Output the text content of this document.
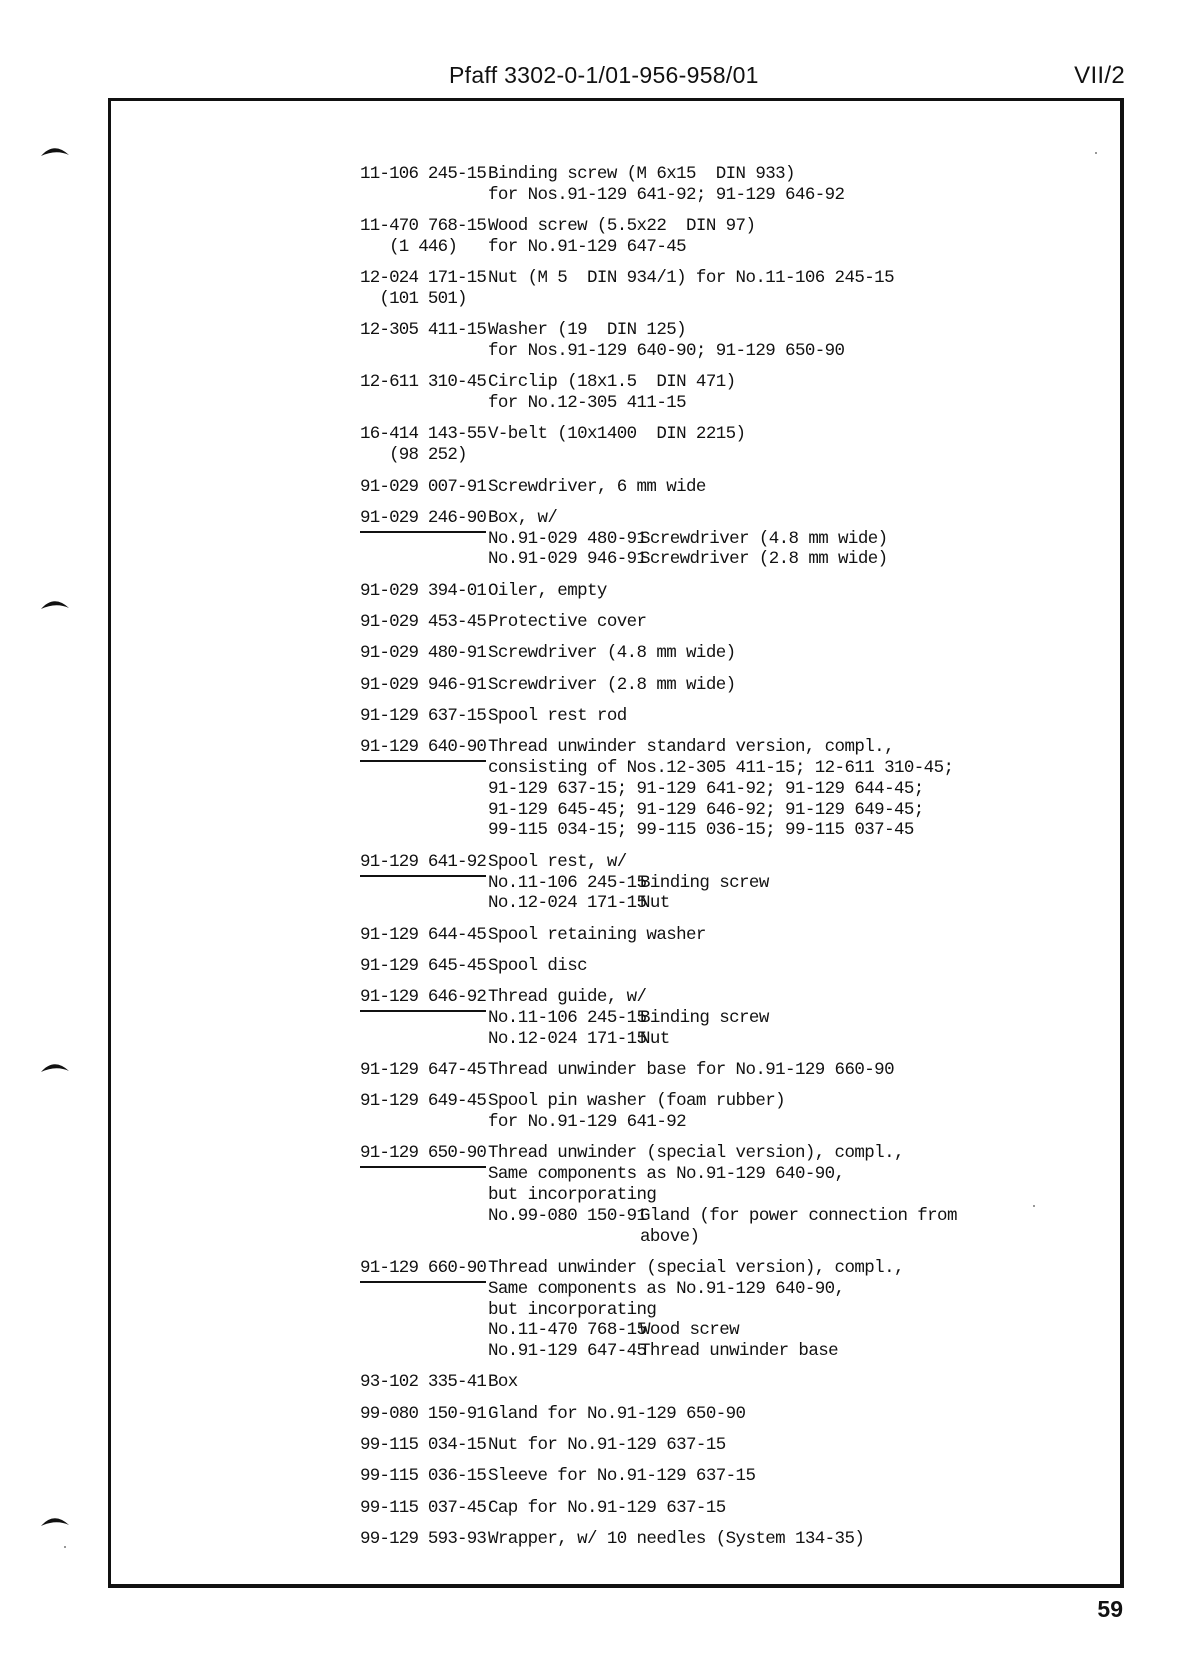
Pfaff 3302-0-1/01-956-958/01	VII/2
11-106 245-15 Binding screw (M 6x15  DIN 933)
for Nos.91-129 641-92; 91-129 646-92
11-470 768-15
(1 446)
Wood screw (5.5x22  DIN 97)
for No.91-129 647-45
12-024 171-15
(101 501)
Nut (M 5  DIN 934/1) for No.11-106 245-15
12-305 411-15 Washer (19  DIN 125)
for Nos.91-129 640-90; 91-129 650-90
12-611 310-45 Circlip (18x1.5  DIN 471)
for No.12-305 411-15
16-414 143-55
(98 252)
V-belt (10x1400  DIN 2215)
91-029 007-91 Screwdriver, 6 mm wide
91-029 246-90 Box, w/
No.91-029 480-91
Screwdriver (4.8 mm wide)
No.91-029 946-91
Screwdriver (2.8 mm wide)
91-029 394-01 Oiler, empty
91-029 453-45 Protective cover
91-029 480-91 Screwdriver (4.8 mm wide)
91-029 946-91 Screwdriver (2.8 mm wide)
91-129 637-15 Spool rest rod
91-129 640-90 Thread unwinder standard version, compl.,
consisting of Nos.12-305 411-15; 12-611 310-45;
91-129 637-15; 91-129 641-92; 91-129 644-45;
91-129 645-45; 91-129 646-92; 91-129 649-45;
99-115 034-15; 99-115 036-15; 99-115 037-45
91-129 641-92 Spool rest, w/
No.11-106 245-15
Binding screw
No.12-024 171-15
Nut
91-129 644-45 Spool retaining washer
91-129 645-45 Spool disc
91-129 646-92 Thread guide, w/
No.11-106 245-15
Binding screw
No.12-024 171-15
Nut
91-129 647-45 Thread unwinder base for No.91-129 660-90
91-129 649-45 Spool pin washer (foam rubber)
for No.91-129 641-92
91-129 650-90 Thread unwinder (special version), compl.,
Same components as No.91-129 640-90,
but incorporating
No.99-080 150-91
Gland (for power connection from
above)
91-129 660-90 Thread unwinder (special version), compl.,
Same components as No.91-129 640-90,
but incorporating
No.11-470 768-15
Wood screw
No.91-129 647-45
Thread unwinder base
93-102 335-41 Box
99-080 150-91 Gland for No.91-129 650-90
99-115 034-15 Nut for No.91-129 637-15
99-115 036-15 Sleeve for No.91-129 637-15
99-115 037-45 Cap for No.91-129 637-15
99-129 593-93 Wrapper, w/ 10 needles (System 134-35)
59
